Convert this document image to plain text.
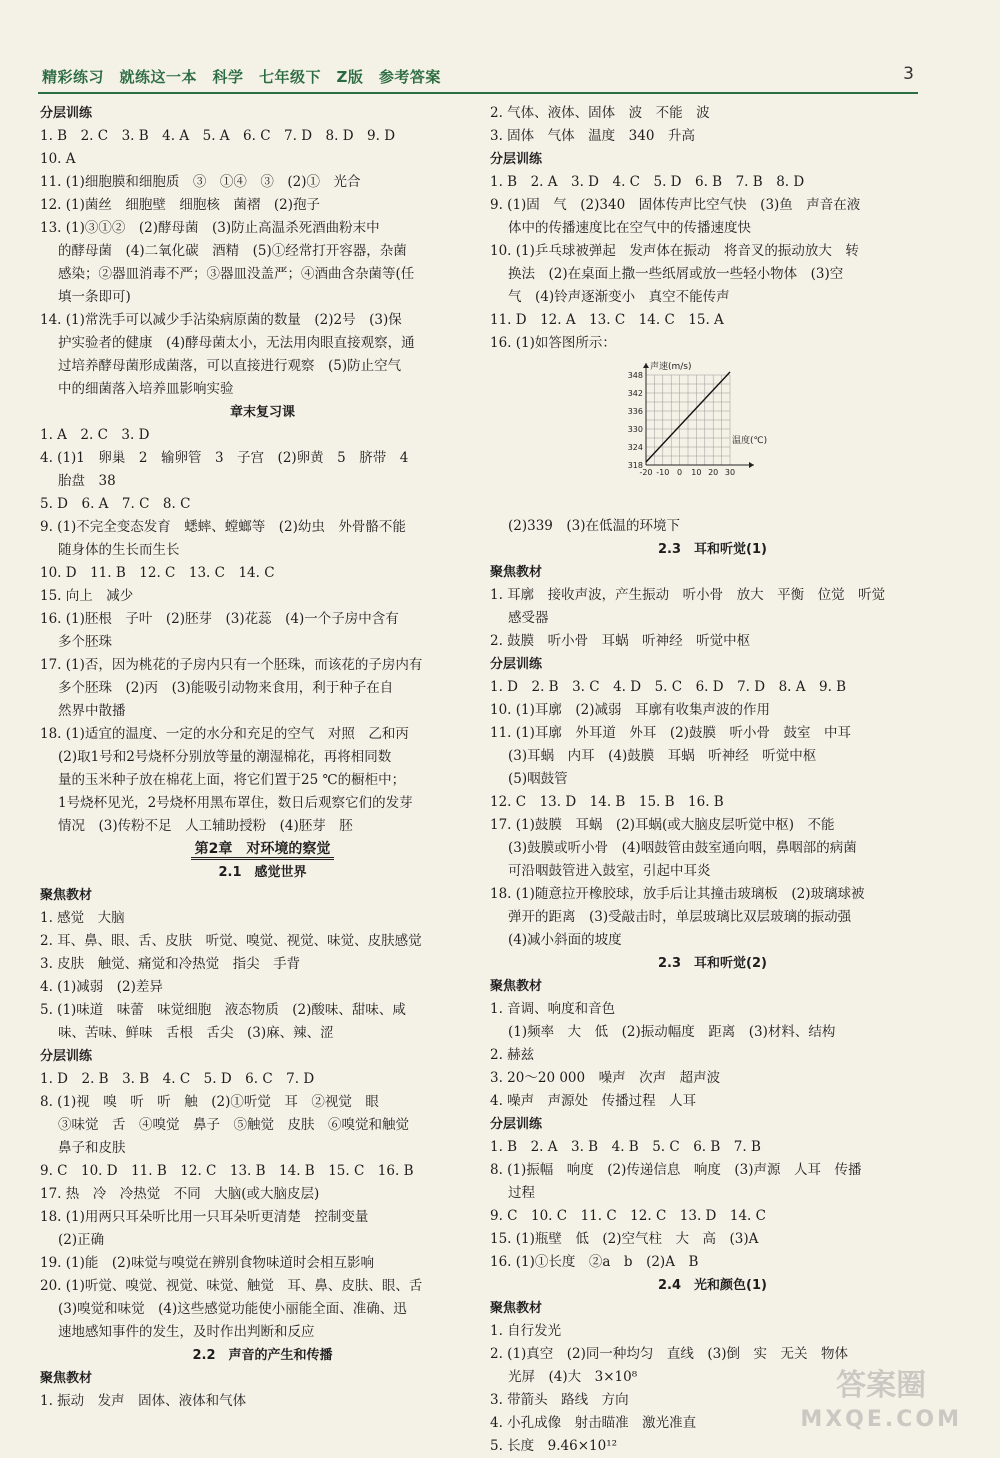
精彩练习　就练这一本　科学　七年级下　Z版　参考答案	3
分层训练
1. B　2. C　3. B　4. A　5. A　6. C　7. D　8. D　9. D
10. A
11. (1)细胞膜和细胞质　③　①④　③　(2)①　光合
12. (1)菌丝　细胞壁　细胞核　菌褶　(2)孢子
13. (1)③①②　(2)酵母菌　(3)防止高温杀死酒曲粉末中
的酵母菌　(4)二氧化碳　酒精　(5)①经常打开容器，杂菌
感染；②器皿消毒不严；③器皿没盖严；④酒曲含杂菌等(任
填一条即可)
14. (1)常洗手可以减少手沾染病原菌的数量　(2)2号　(3)保
护实验者的健康　(4)酵母菌太小，无法用肉眼直接观察，通
过培养酵母菌形成菌落，可以直接进行观察　(5)防止空气
中的细菌落入培养皿影响实验
章末复习课
1. A　2. C　3. D
4. (1)1　卵巢　2　输卵管　3　子宫　(2)卵黄　5　脐带　4
胎盘　38
5. D　6. A　7. C　8. C
9. (1)不完全变态发育　蟋蟀、螳螂等　(2)幼虫　外骨骼不能
随身体的生长而生长
10. D　11. B　12. C　13. C　14. C
15. 向上　减少
16. (1)胚根　子叶　(2)胚芽　(3)花蕊　(4)一个子房中含有
多个胚珠
17. (1)否，因为桃花的子房内只有一个胚珠，而该花的子房内有
多个胚珠　(2)丙　(3)能吸引动物来食用，利于种子在自
然界中散播
18. (1)适宜的温度、一定的水分和充足的空气　对照　乙和丙
(2)取1号和2号烧杯分别放等量的潮湿棉花，再将相同数
量的玉米种子放在棉花上面，将它们置于25 ℃的橱柜中；
1号烧杯见光，2号烧杯用黑布罩住，数日后观察它们的发芽
情况　(3)传粉不足　人工辅助授粉　(4)胚芽　胚
第2章　对环境的察觉
2.1　感觉世界
聚焦教材
1. 感觉　大脑
2. 耳、鼻、眼、舌、皮肤　听觉、嗅觉、视觉、味觉、皮肤感觉
3. 皮肤　触觉、痛觉和冷热觉　指尖　手背
4. (1)减弱　(2)差异
5. (1)味道　味蕾　味觉细胞　液态物质　(2)酸味、甜味、咸
味、苦味、鲜味　舌根　舌尖　(3)麻、辣、涩
分层训练
1. D　2. B　3. B　4. C　5. D　6. C　7. D
8. (1)视　嗅　听　听　触　(2)①听觉　耳　②视觉　眼
③味觉　舌　④嗅觉　鼻子　⑤触觉　皮肤　⑥嗅觉和触觉
鼻子和皮肤
9. C　10. D　11. B　12. C　13. B　14. B　15. C　16. B
17. 热　冷　冷热觉　不同　大脑(或大脑皮层)
18. (1)用两只耳朵听比用一只耳朵听更清楚　控制变量
(2)正确
19. (1)能　(2)味觉与嗅觉在辨别食物味道时会相互影响
20. (1)听觉、嗅觉、视觉、味觉、触觉　耳、鼻、皮肤、眼、舌
(3)嗅觉和味觉　(4)这些感觉功能使小丽能全面、准确、迅
速地感知事件的发生，及时作出判断和反应
2.2　声音的产生和传播
聚焦教材
1. 振动　发声　固体、液体和气体
2. 气体、液体、固体　波　不能　波
3. 固体　气体　温度　340　升高
分层训练
1. B　2. A　3. D　4. C　5. D　6. B　7. B　8. D
9. (1)固　气　(2)340　固体传声比空气快　(3)鱼　声音在液
体中的传播速度比在空气中的传播速度快
10. (1)乒乓球被弹起　发声体在振动　将音叉的振动放大　转
换法　(2)在桌面上撒一些纸屑或放一些轻小物体　(3)空
气　(4)铃声逐渐变小　真空不能传声
11. D　12. A　13. C　14. C　15. A
16. (1)如答图所示：
318
324
330
336
342
348
-20 -10 0 10 20 30
声速(m/s)
温度(℃)
(2)339　(3)在低温的环境下
2.3　耳和听觉(1)
聚焦教材
1. 耳廓　接收声波，产生振动　听小骨　放大　平衡　位觉　听觉
感受器
2. 鼓膜　听小骨　耳蜗　听神经　听觉中枢
分层训练
1. D　2. B　3. C　4. D　5. C　6. D　7. D　8. A　9. B
10. (1)耳廓　(2)减弱　耳廓有收集声波的作用
11. (1)耳廓　外耳道　外耳　(2)鼓膜　听小骨　鼓室　中耳
(3)耳蜗　内耳　(4)鼓膜　耳蜗　听神经　听觉中枢
(5)咽鼓管
12. C　13. D　14. B　15. B　16. B
17. (1)鼓膜　耳蜗　(2)耳蜗(或大脑皮层听觉中枢)　不能
(3)鼓膜或听小骨　(4)咽鼓管由鼓室通向咽，鼻咽部的病菌
可沿咽鼓管进入鼓室，引起中耳炎
18. (1)随意拉开橡胶球，放手后让其撞击玻璃板　(2)玻璃球被
弹开的距离　(3)受敲击时，单层玻璃比双层玻璃的振动强
(4)减小斜面的坡度
2.3　耳和听觉(2)
聚焦教材
1. 音调、响度和音色
(1)频率　大　低　(2)振动幅度　距离　(3)材料、结构
2. 赫兹
3. 20～20 000　噪声　次声　超声波
4. 噪声　声源处　传播过程　人耳
分层训练
1. B　2. A　3. B　4. B　5. C　6. B　7. B
8. (1)振幅　响度　(2)传递信息　响度　(3)声源　人耳　传播
过程
9. C　10. C　11. C　12. C　13. D　14. C
15. (1)瓶壁　低　(2)空气柱　大　高　(3)A
16. (1)①长度　②a　b　(2)A　B
2.4　光和颜色(1)
聚焦教材
1. 自行发光
2. (1)真空　(2)同一种均匀　直线　(3)倒　实　无关　物体
光屏　(4)大　3×10⁸
3. 带箭头　路线　方向
4. 小孔成像　射击瞄准　激光准直
5. 长度　9.46×10¹²
答案圈
MXQE.COM
